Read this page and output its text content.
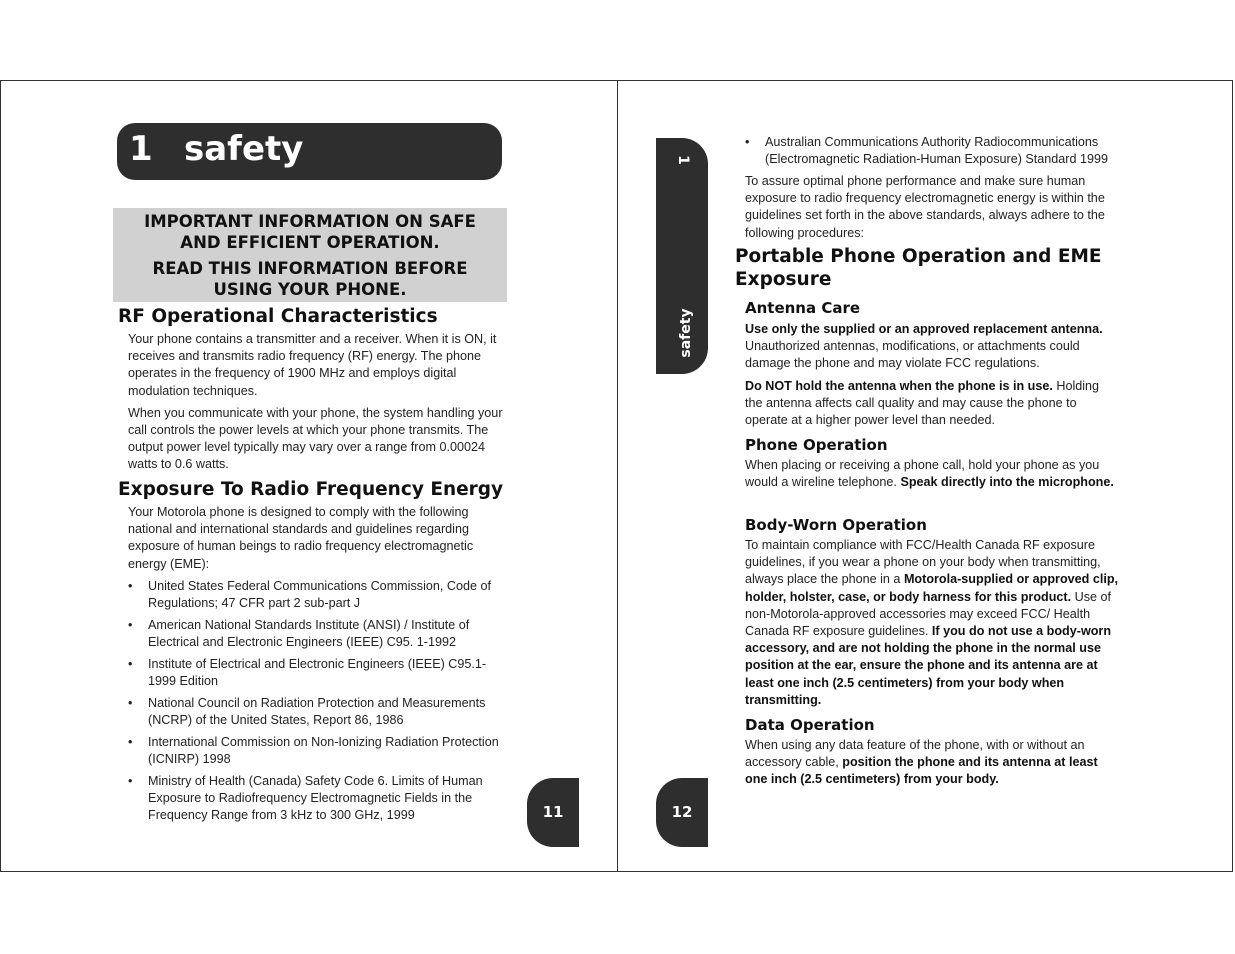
1 safety

IMPORTANT INFORMATION ON SAFE AND EFFICIENT OPERATION.

READ THIS INFORMATION BEFORE USING YOUR PHONE.

RF Operational Characteristics

Your phone contains a transmitter and a receiver. When it is ON, it receives and transmits radio frequency (RF) energy. The phone operates in the frequency of 1900 MHz and employs digital modulation techniques.

When you communicate with your phone, the system handling your call controls the power levels at which your phone transmits. The output power level typically may vary over a range from 0.00024 watts to 0.6 watts.

Exposure To Radio Frequency Energy

Your Motorola phone is designed to comply with the following national and international standards and guidelines regarding exposure of human beings to radio frequency electromagnetic energy (EME):

• United States Federal Communications Commission, Code of Regulations; 47 CFR part 2 sub-part J
• American National Standards Institute (ANSI) / Institute of Electrical and Electronic Engineers (IEEE) C95. 1-1992
• Institute of Electrical and Electronic Engineers (IEEE) C95.1-1999 Edition
• National Council on Radiation Protection and Measurements (NCRP) of the United States, Report 86, 1986
• International Commission on Non-Ionizing Radiation Protection (ICNIRP) 1998
• Ministry of Health (Canada) Safety Code 6. Limits of Human Exposure to Radiofrequency Electromagnetic Fields in the Frequency Range from 3 kHz to 300 GHz, 1999	11
1
safety
• Australian Communications Authority Radiocommunications (Electromagnetic Radiation-Human Exposure) Standard 1999

To assure optimal phone performance and make sure human exposure to radio frequency electromagnetic energy is within the guidelines set forth in the above standards, always adhere to the following procedures:

Portable Phone Operation and EME Exposure
Antenna Care

Use only the supplied or an approved replacement antenna. Unauthorized antennas, modifications, or attachments could damage the phone and may violate FCC regulations.

Do NOT hold the antenna when the phone is in use. Holding the antenna affects call quality and may cause the phone to operate at a higher power level than needed.

Phone Operation

When placing or receiving a phone call, hold your phone as you would a wireline telephone. Speak directly into the microphone.

Body-Worn Operation

To maintain compliance with FCC/Health Canada RF exposure guidelines, if you wear a phone on your body when transmitting, always place the phone in a Motorola-supplied or approved clip, holder, holster, case, or body harness for this product. Use of non-Motorola-approved accessories may exceed FCC/ Health Canada RF exposure guidelines. If you do not use a body-worn accessory, and are not holding the phone in the normal use position at the ear, ensure the phone and its antenna are at least one inch (2.5 centimeters) from your body when transmitting.

Data Operation

When using any data feature of the phone, with or without an accessory cable, position the phone and its antenna at least one inch (2.5 centimeters) from your body.

12
